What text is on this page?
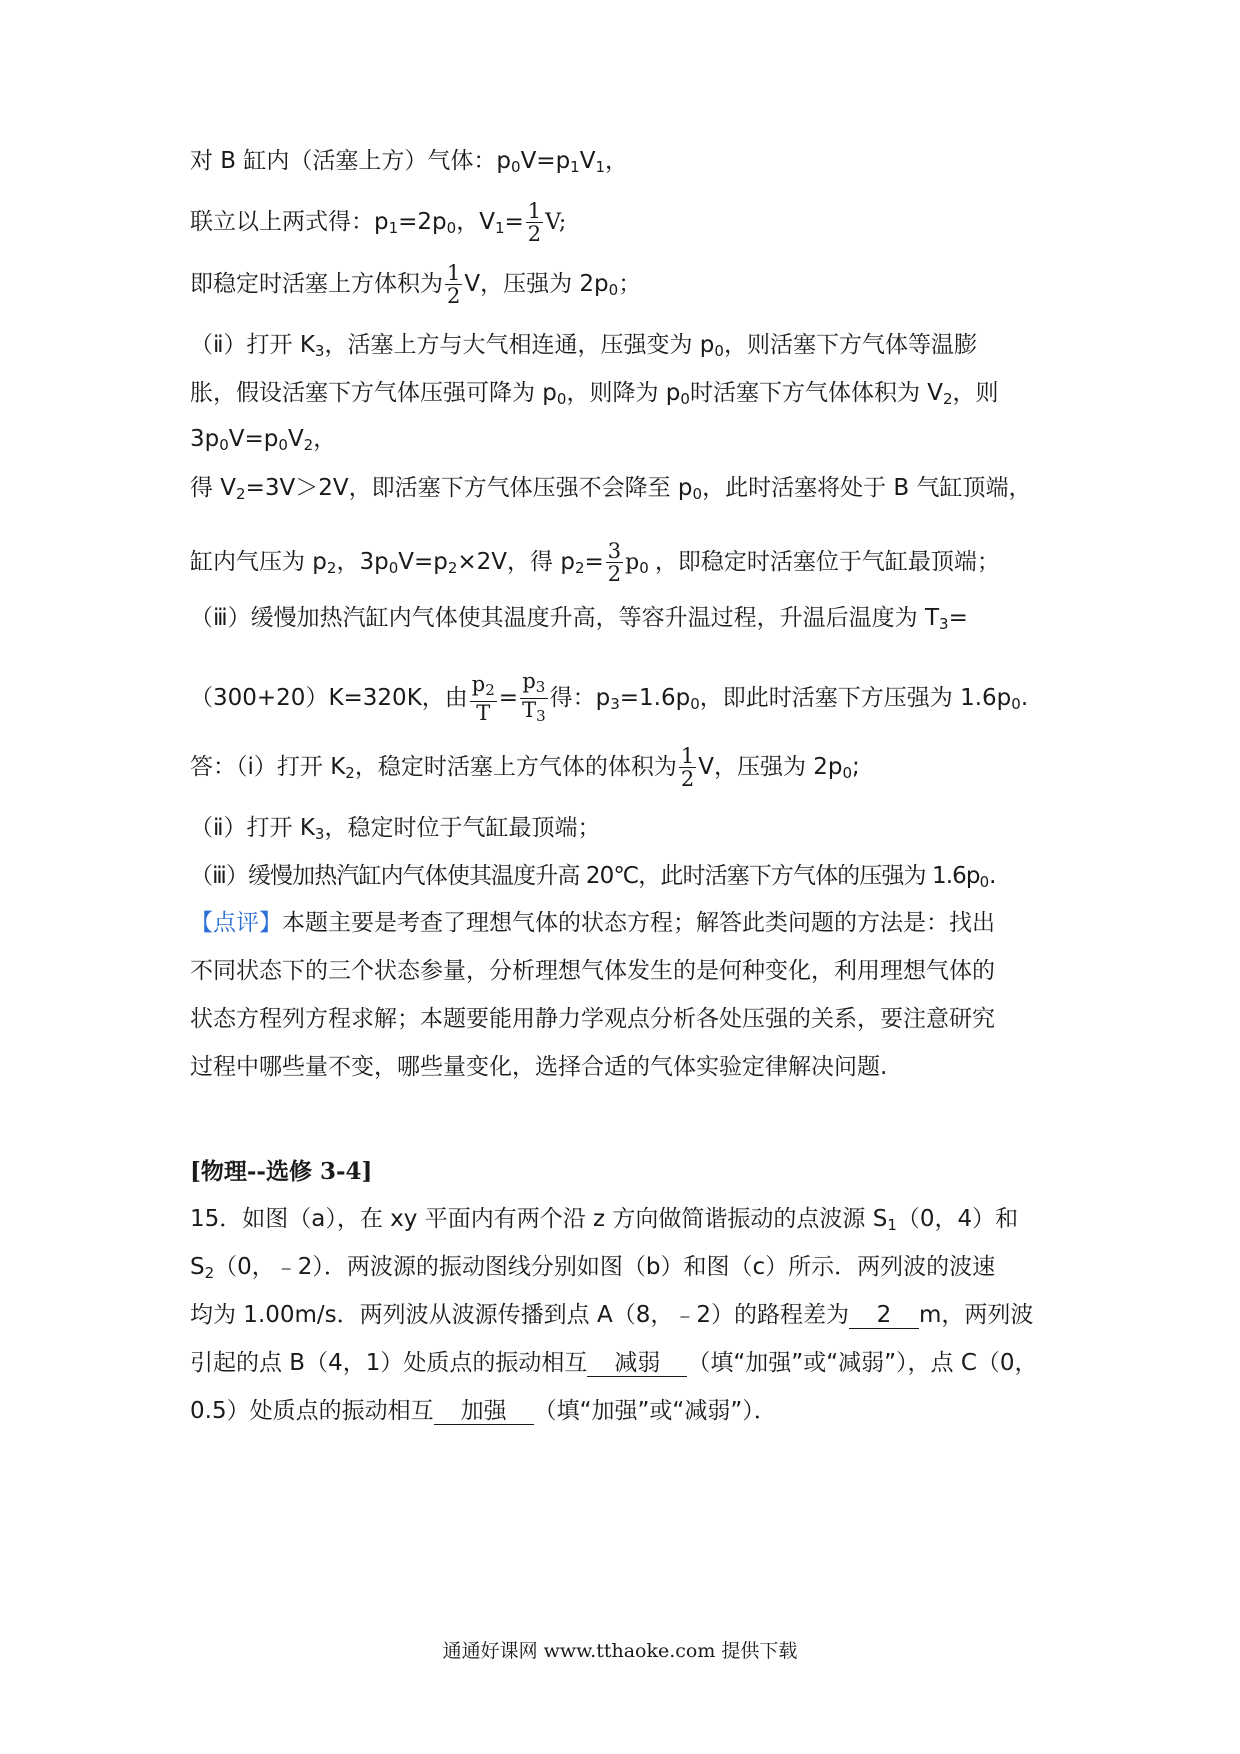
对 B 缸内（活塞上方）气体：$p_0V=p_1V_1$，
联立以上两式得：$p_1=2p_0$，$V_1= \frac{1}{2} V$;
即稳定时活塞上方体积为 $\frac{1}{2}$ V，压强为 $2p_0$；
（ⅱ）打开 $K_3$，活塞上方与大气相连通，压强变为 $p_0$，则活塞下方气体等温膨
胀，假设活塞下方气体压强可降为 $p_0$，则降为 $p_0$时活塞下方气体体积为 $V_2$，则
$3p_0V=p_0V_2$，
得 $V_2=3V>2V$，即活塞下方气体压强不会降至 $p_0$，此时活塞将处于 B 气缸顶端，
缸内气压为 $p_2$，$3p_0V=p_2\times 2V$，得 $p_2= \frac{3}{2} p_0$ ，即稳定时活塞位于气缸最顶端；
（ⅲ）缓慢加热汽缸内气体使其温度升高，等容升温过程，升温后温度为 $T_3=$
（300+20）K=320K，由 $\frac{p_2}{T} = \frac{p_3}{T_3}$ 得：$p_3=1.6p_0$，即此时活塞下方压强为 $1.6p_0$.
答：（ⅰ）打开 $K_2$，稳定时活塞上方气体的体积为 $\frac{1}{2}$ V，压强为 $2p_0$;
（ⅱ）打开 $K_3$，稳定时位于气缸最顶端；
（ⅲ）缓慢加热汽缸内气体使其温度升高 20℃，此时活塞下方气体的压强为 $1.6p_0$.
【点评】本题主要是考查了理想气体的状态方程；解答此类问题的方法是：找出
不同状态下的三个状态参量，分析理想气体发生的是何种变化，利用理想气体的
状态方程列方程求解；本题要能用静力学观点分析各处压强的关系，要注意研究
过程中哪些量不变，哪些量变化，选择合适的气体实验定律解决问题.
[物理--选修 3-4]
15．如图（a），在 xy 平面内有两个沿 z 方向做简谐振动的点波源 $S_1(0$，4）和
$S_2(0$，﹣2）．两波源的振动图线分别如图（b）和图（c）所示．两列波的波速
均为 1.00m/s．两列波从波源传播到点 A（8，﹣2）的路程差为 2 m，两列波
引起的点 B（4，1）处质点的振动相互 减弱 （填“加强”或“减弱”），点 C（0，
0.5）处质点的振动相互 加强 （填“加强”或“减弱”）．
通通好课网 www.tthaoke.com 提供下载
